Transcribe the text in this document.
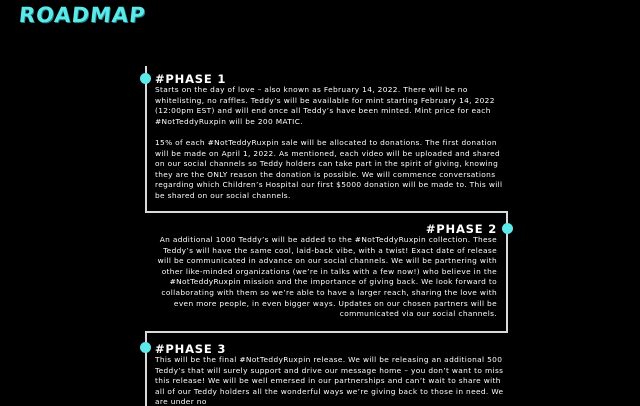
ROADMAP
#PHASE 1

Starts on the day of love – also known as February 14, 2022. There will be no whitelisting, no raffles. Teddy’s will be available for mint starting February 14, 2022 (12:00pm EST) and will end once all Teddy’s have been minted. Mint price for each #NotTeddyRuxpin will be 200 MATIC.

15% of each #NotTeddyRuxpin sale will be allocated to donations. The first donation will be made on April 1, 2022. As mentioned, each video will be uploaded and shared on our social channels so Teddy holders can take part in the spirit of giving, knowing they are the ONLY reason the donation is possible. We will commence conversations regarding which Children’s Hospital our first $5000 donation will be made to. This will be shared on our social channels.

#PHASE 2

An additional 1000 Teddy’s will be added to the #NotTeddyRuxpin collection. These Teddy’s will have the same cool, laid-back vibe, with a twist! Exact date of release will be communicated in advance on our social channels. We will be partnering with other like-minded organizations (we’re in talks with a few now!) who believe in the #NotTeddyRuxpin mission and the importance of giving back. We look forward to collaborating with them so we’re able to have a larger reach, sharing the love with even more people, in even bigger ways. Updates on our chosen partners will be communicated via our social channels.

#PHASE 3

This will be the final #NotTeddyRuxpin release. We will be releasing an additional 500 Teddy’s that will surely support and drive our message home – you don’t want to miss this release! We will be well emersed in our partnerships and can’t wait to share with all of our Teddy holders all the wonderful ways we’re giving back to those in need. We are under no
